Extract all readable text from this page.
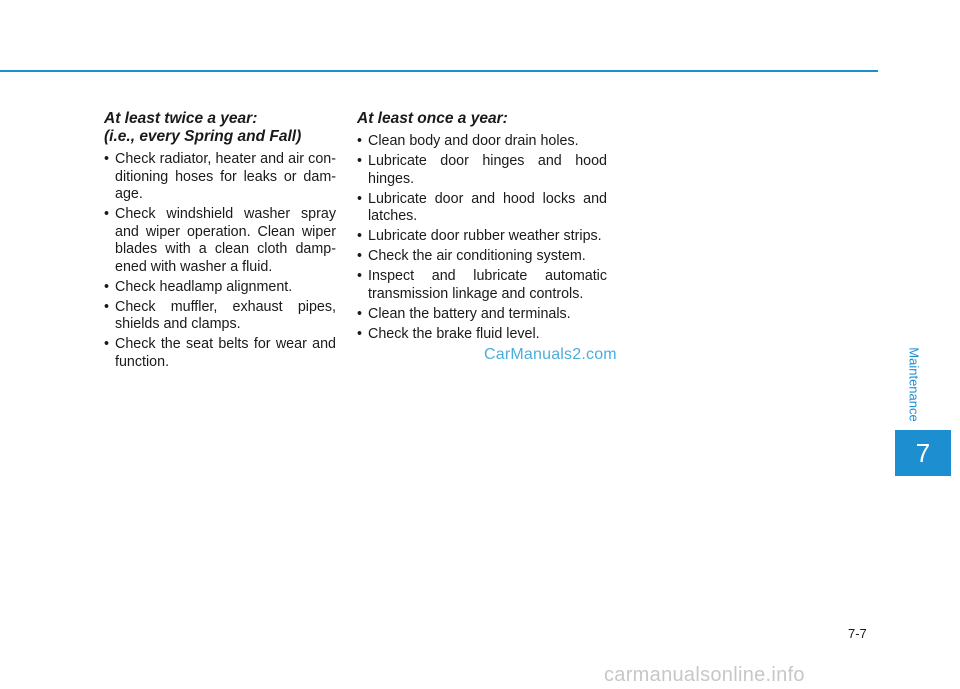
At least twice a year:
(i.e., every Spring and Fall)
• Check radiator, heater and air con-ditioning hoses for leaks or dam-age.
• Check windshield washer spray and wiper operation. Clean wiper blades with a clean cloth damp-ened with washer a fluid.
• Check headlamp alignment.
• Check muffler, exhaust pipes, shields and clamps.
• Check the seat belts for wear and function.
At least once a year:
• Clean body and door drain holes.
• Lubricate door hinges and hood hinges.
• Lubricate door and hood locks and latches.
• Lubricate door rubber weather strips.
• Check the air conditioning system.
• Inspect and lubricate automatic transmission linkage and controls.
• Clean the battery and terminals.
• Check the brake fluid level.
CarManuals2.com	Maintenance
7
7-7
carmanualsonline.info
